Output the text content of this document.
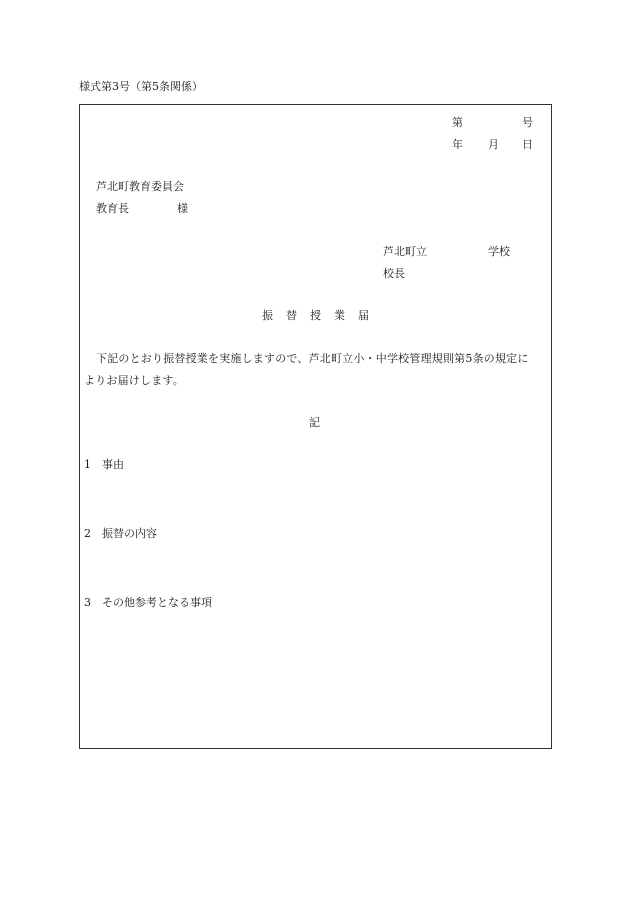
様式第3号（第5条関係）
第	号
年 月 日
芦北町教育委員会
教育長	様
芦北町立	学校
校長
振 替 授 業 届
下記のとおり振替授業を実施しますので、芦北町立小・中学校管理規則第5条の規定に
よりお届けします。
記
1 事由
2 振替の内容
3 その他参考となる事項
